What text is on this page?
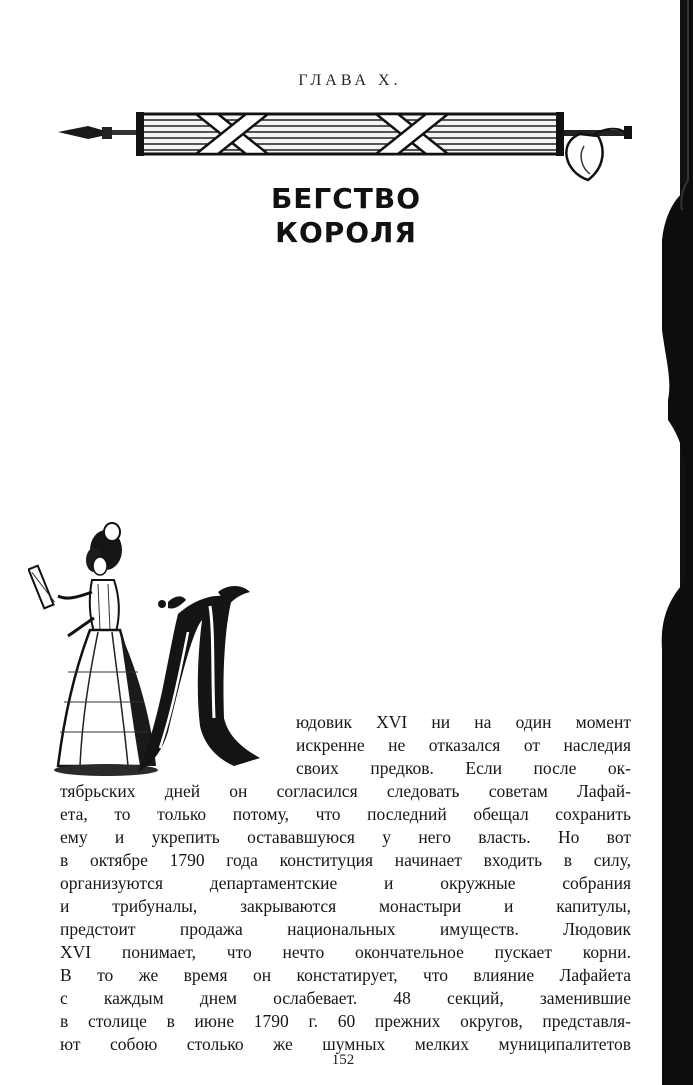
ГЛАВА X.
БЕГСТВО
КОРОЛЯ
юдовик XVI ни на один момент
искренне не отказался от наследия
своих предков. Если после ок-
тябрьских дней он согласился следовать советам Лафай-
ета, то только потому, что последний обещал сохранить
ему и укрепить остававшуюся у него власть. Но вот
в октябре 1790 года конституция начинает входить в силу,
организуются департаментские и окружные собрания
и трибуналы, закрываются монастыри и капитулы,
предстоит продажа национальных имуществ. Людовик
XVI понимает, что нечто окончательное пускает корни.
В то же время он констатирует, что влияние Лафайета
с каждым днем ослабевает. 48 секций, заменившие
в столице в июне 1790 г. 60 прежних округов, представля-
ют собою столько же шумных мелких муниципалитетов
152
